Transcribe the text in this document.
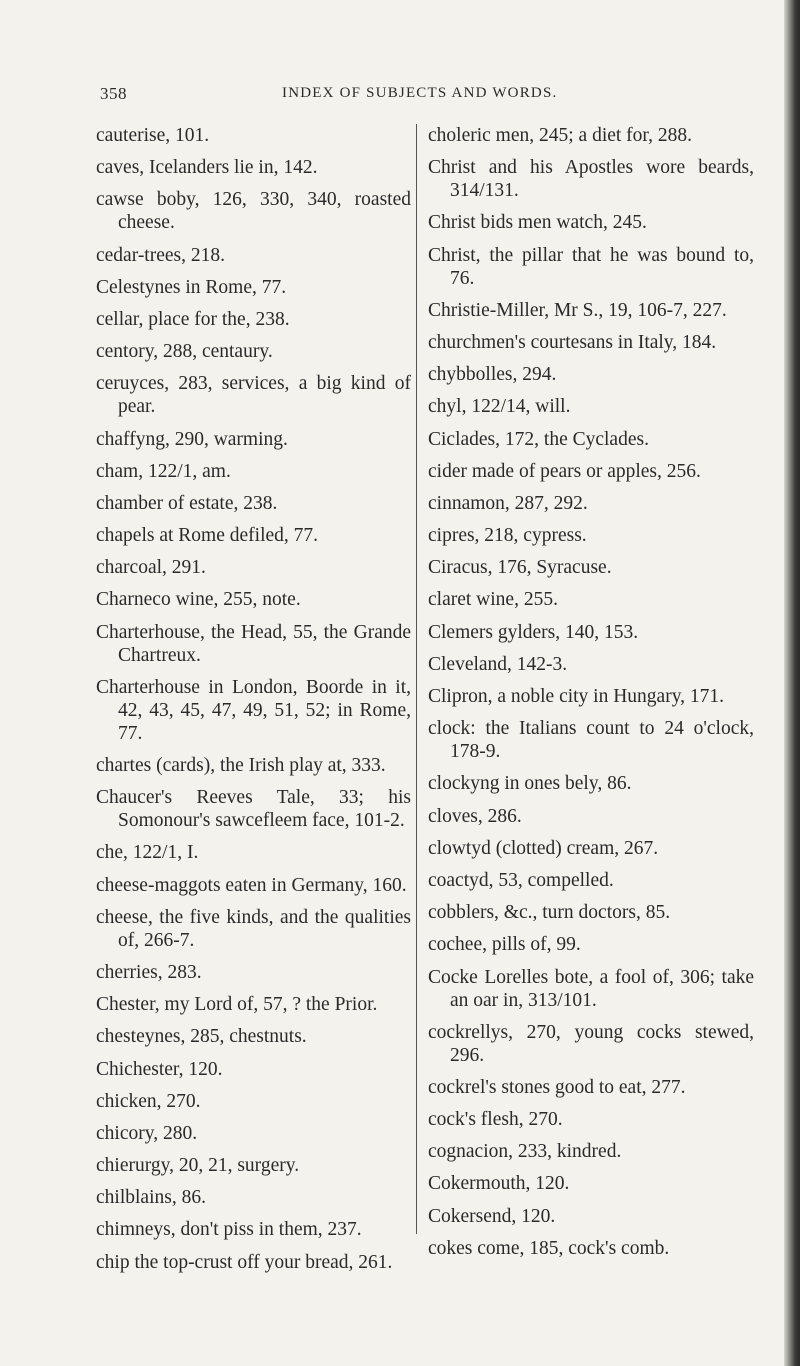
358	INDEX OF SUBJECTS AND WORDS.

cauterise, 101.

caves, Icelanders lie in, 142.

cawse boby, 126, 330, 340, roasted cheese.

cedar-trees, 218.

Celestynes in Rome, 77.

cellar, place for the, 238.

centory, 288, centaury.

ceruyces, 283, services, a big kind of pear.

chaffyng, 290, warming.

cham, 122/1, am.

chamber of estate, 238.

chapels at Rome defiled, 77.

charcoal, 291.

Charneco wine, 255, note.

Charterhouse, the Head, 55, the Grande Chartreux.

Charterhouse in London, Boorde in it, 42, 43, 45, 47, 49, 51, 52; in Rome, 77.

chartes (cards), the Irish play at, 333.

Chaucer's Reeves Tale, 33; his Somonour's sawcefleem face, 101-2.

che, 122/1, I.

cheese-maggots eaten in Germany, 160.

cheese, the five kinds, and the qualities of, 266-7.

cherries, 283.

Chester, my Lord of, 57, ? the Prior.

chesteynes, 285, chestnuts.

Chichester, 120.

chicken, 270.

chicory, 280.

chierurgy, 20, 21, surgery.

chilblains, 86.

chimneys, don't piss in them, 237.

chip the top-crust off your bread, 261.

choleric men, 245; a diet for, 288.

Christ and his Apostles wore beards, 314/131.

Christ bids men watch, 245.

Christ, the pillar that he was bound to, 76.

Christie-Miller, Mr S., 19, 106-7, 227.

churchmen's courtesans in Italy, 184.

chybbolles, 294.

chyl, 122/14, will.

Ciclades, 172, the Cyclades.

cider made of pears or apples, 256.

cinnamon, 287, 292.

cipres, 218, cypress.

Ciracus, 176, Syracuse.

claret wine, 255.

Clemers gylders, 140, 153.

Cleveland, 142-3.

Clipron, a noble city in Hungary, 171.

clock: the Italians count to 24 o'clock, 178-9.

clockyng in ones bely, 86.

cloves, 286.

clowtyd (clotted) cream, 267.

coactyd, 53, compelled.

cobblers, &c., turn doctors, 85.

cochee, pills of, 99.

Cocke Lorelles bote, a fool of, 306; take an oar in, 313/101.

cockrellys, 270, young cocks stewed, 296.

cockrel's stones good to eat, 277.

cock's flesh, 270.

cognacion, 233, kindred.

Cokermouth, 120.

Cokersend, 120.

cokes come, 185, cock's comb.
